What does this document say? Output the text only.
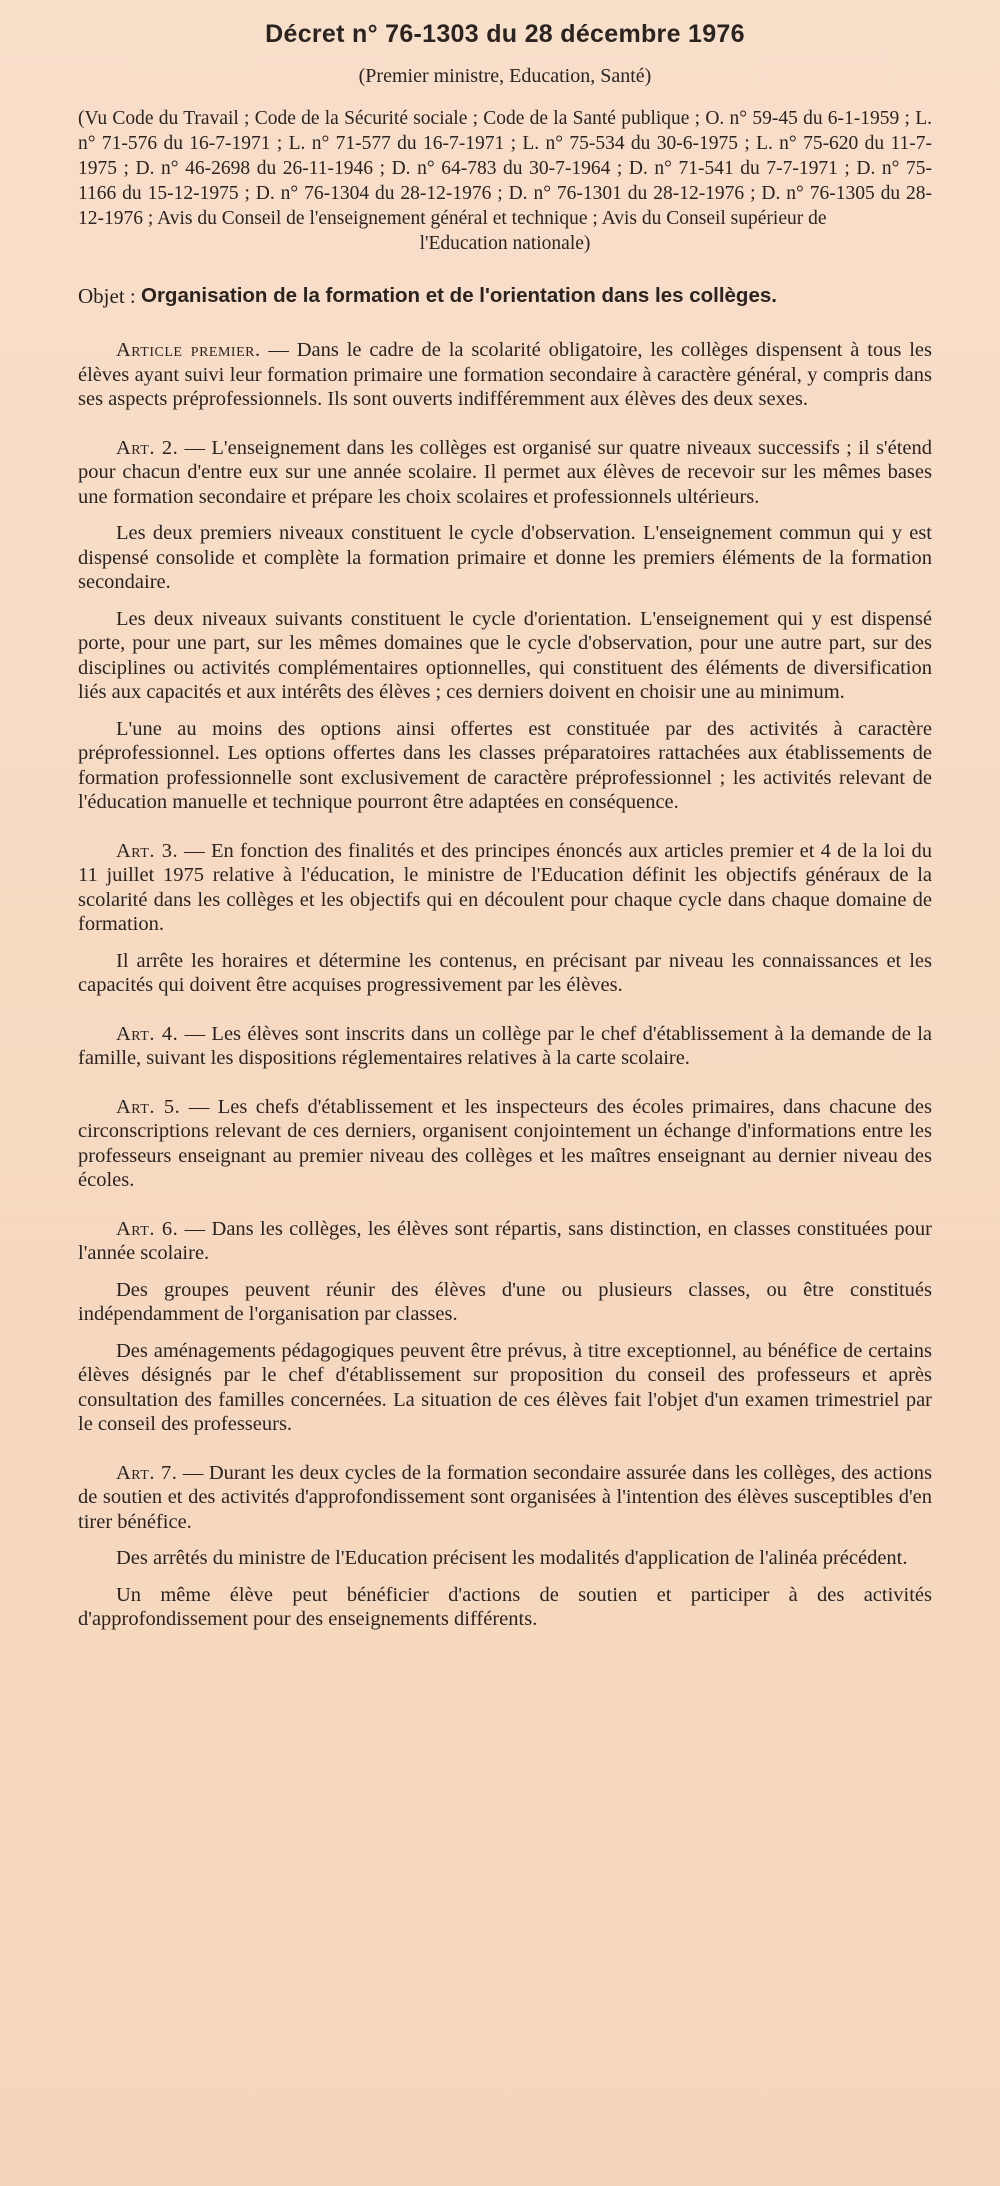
Décret n° 76-1303 du 28 décembre 1976
(Premier ministre, Education, Santé)
(Vu Code du Travail ; Code de la Sécurité sociale ; Code de la Santé publique ; O. n° 59-45 du 6-1-1959 ; L. n° 71-576 du 16-7-1971 ; L. n° 71-577 du 16-7-1971 ; L. n° 75-534 du 30-6-1975 ; L. n° 75-620 du 11-7-1975 ; D. n° 46-2698 du 26-11-1946 ; D. n° 64-783 du 30-7-1964 ; D. n° 71-541 du 7-7-1971 ; D. n° 75-1166 du 15-12-1975 ; D. n° 76-1304 du 28-12-1976 ; D. n° 76-1301 du 28-12-1976 ; D. n° 76-1305 du 28-12-1976 ; Avis du Conseil de l'enseignement général et technique ; Avis du Conseil supérieur de
l'Education nationale)
Objet : Organisation de la formation et de l'orientation dans les collèges.

Article premier. — Dans le cadre de la scolarité obligatoire, les collèges dispensent à tous les élèves ayant suivi leur formation primaire une formation secondaire à caractère général, y compris dans ses aspects préprofessionnels. Ils sont ouverts indifféremment aux élèves des deux sexes.

Art. 2. — L'enseignement dans les collèges est organisé sur quatre niveaux successifs ; il s'étend pour chacun d'entre eux sur une année scolaire. Il permet aux élèves de recevoir sur les mêmes bases une formation secondaire et prépare les choix scolaires et professionnels ultérieurs.

Les deux premiers niveaux constituent le cycle d'observation. L'enseignement commun qui y est dispensé consolide et complète la formation primaire et donne les premiers éléments de la formation secondaire.

Les deux niveaux suivants constituent le cycle d'orientation. L'enseignement qui y est dispensé porte, pour une part, sur les mêmes domaines que le cycle d'observation, pour une autre part, sur des disciplines ou activités complémentaires optionnelles, qui constituent des éléments de diversification liés aux capacités et aux intérêts des élèves ; ces derniers doivent en choisir une au minimum.

L'une au moins des options ainsi offertes est constituée par des activités à caractère préprofessionnel. Les options offertes dans les classes préparatoires rattachées aux établissements de formation professionnelle sont exclusivement de caractère préprofessionnel ; les activités relevant de l'éducation manuelle et technique pourront être adaptées en conséquence.

Art. 3. — En fonction des finalités et des principes énoncés aux articles premier et 4 de la loi du 11 juillet 1975 relative à l'éducation, le ministre de l'Education définit les objectifs généraux de la scolarité dans les collèges et les objectifs qui en découlent pour chaque cycle dans chaque domaine de formation.

Il arrête les horaires et détermine les contenus, en précisant par niveau les connaissances et les capacités qui doivent être acquises progressivement par les élèves.

Art. 4. — Les élèves sont inscrits dans un collège par le chef d'établissement à la demande de la famille, suivant les dispositions réglementaires relatives à la carte scolaire.

Art. 5. — Les chefs d'établissement et les inspecteurs des écoles primaires, dans chacune des circonscriptions relevant de ces derniers, organisent conjointement un échange d'informations entre les professeurs enseignant au premier niveau des collèges et les maîtres enseignant au dernier niveau des écoles.

Art. 6. — Dans les collèges, les élèves sont répartis, sans distinction, en classes constituées pour l'année scolaire.

Des groupes peuvent réunir des élèves d'une ou plusieurs classes, ou être constitués indépendamment de l'organisation par classes.

Des aménagements pédagogiques peuvent être prévus, à titre exceptionnel, au bénéfice de certains élèves désignés par le chef d'établissement sur proposition du conseil des professeurs et après consultation des familles concernées. La situation de ces élèves fait l'objet d'un examen trimestriel par le conseil des professeurs.

Art. 7. — Durant les deux cycles de la formation secondaire assurée dans les collèges, des actions de soutien et des activités d'approfondissement sont organisées à l'intention des élèves susceptibles d'en tirer bénéfice.

Des arrêtés du ministre de l'Education précisent les modalités d'application de l'alinéa précédent.

Un même élève peut bénéficier d'actions de soutien et participer à des activités d'approfondissement pour des enseignements différents.
